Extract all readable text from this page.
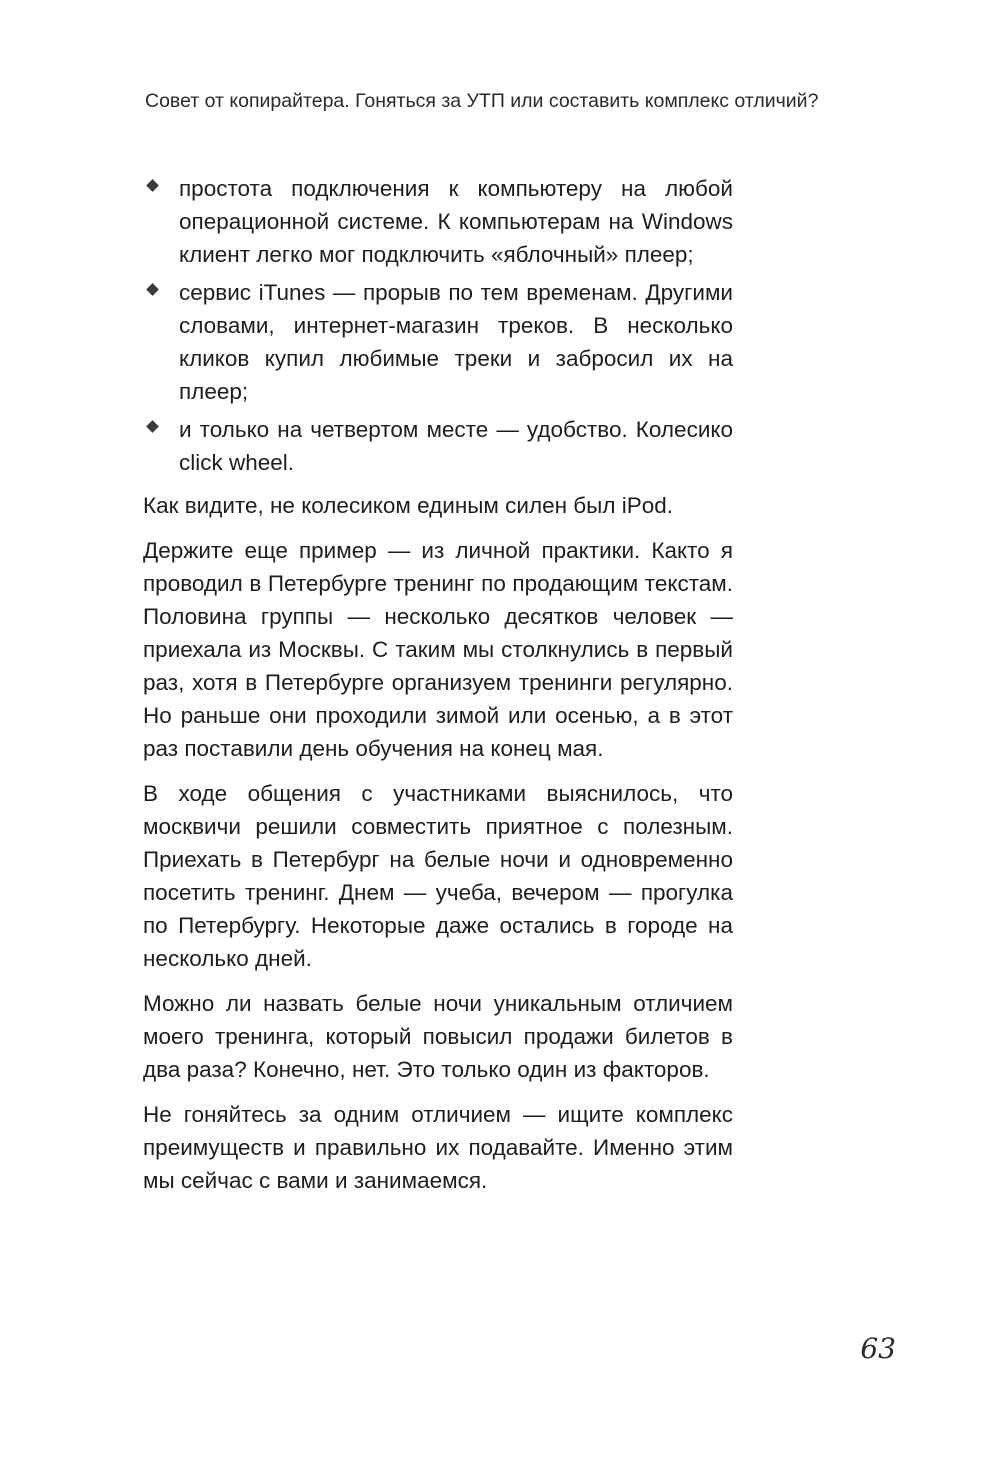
Совет от копирайтера. Гоняться за УТП или составить комплекс отличий?
простота подключения к компьютеру на любой операционной системе. К компьютерам на Windows клиент легко мог подключить «яблочный» плеер;
сервис iTunes — прорыв по тем временам. Другими словами, интернет-магазин треков. В несколько кликов купил любимые треки и забросил их на плеер;
и только на четвертом месте — удобство. Колесико click wheel.

Как видите, не колесиком единым силен был iPod.

Держите еще пример — из личной практики. Както я проводил в Петербурге тренинг по продающим текстам. Половина группы — несколько десятков человек — приехала из Москвы. С таким мы столкнулись в первый раз, хотя в Петербурге организуем тренинги регулярно. Но раньше они проходили зимой или осенью, а в этот раз поставили день обучения на конец мая.

В ходе общения с участниками выяснилось, что москвичи решили совместить приятное с полезным. Приехать в Петербург на белые ночи и одновременно посетить тренинг. Днем — учеба, вечером — прогулка по Петербургу. Некоторые даже остались в городе на несколько дней.

Можно ли назвать белые ночи уникальным отличием моего тренинга, который повысил продажи билетов в два раза? Конечно, нет. Это только один из факторов.

Не гоняйтесь за одним отличием — ищите комплекс преимуществ и правильно их подавайте. Именно этим мы сейчас с вами и занимаемся.

63
